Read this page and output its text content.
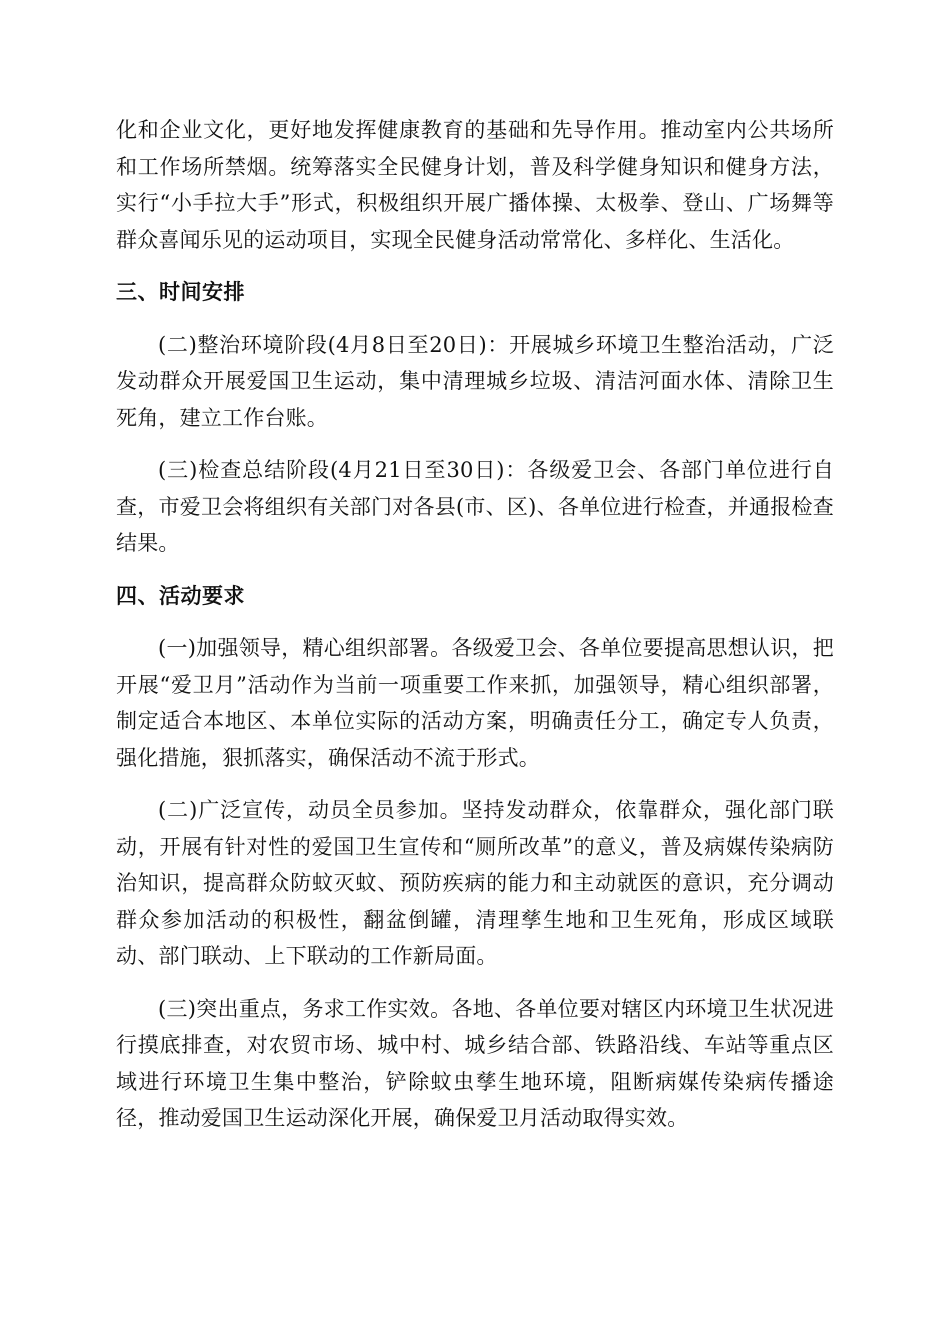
化和企业文化，更好地发挥健康教育的基础和先导作用。推动室内公共场所和工作场所禁烟。统筹落实全民健身计划，普及科学健身知识和健身方法，实行“小手拉大手”形式，积极组织开展广播体操、太极拳、登山、广场舞等群众喜闻乐见的运动项目，实现全民健身活动常常化、多样化、生活化。

三、时间安排

(二)整治环境阶段(4月8日至20日)：开展城乡环境卫生整治活动，广泛发动群众开展爱国卫生运动，集中清理城乡垃圾、清洁河面水体、清除卫生死角，建立工作台账。

(三)检查总结阶段(4月21日至30日)：各级爱卫会、各部门单位进行自查，市爱卫会将组织有关部门对各县(市、区)、各单位进行检查，并通报检查结果。

四、活动要求

(一)加强领导，精心组织部署。各级爱卫会、各单位要提高思想认识，把开展“爱卫月”活动作为当前一项重要工作来抓，加强领导，精心组织部署，制定适合本地区、本单位实际的活动方案，明确责任分工，确定专人负责，强化措施，狠抓落实，确保活动不流于形式。

(二)广泛宣传，动员全员参加。坚持发动群众，依靠群众，强化部门联动，开展有针对性的爱国卫生宣传和“厕所改革”的意义，普及病媒传染病防治知识，提高群众防蚊灭蚊、预防疾病的能力和主动就医的意识，充分调动群众参加活动的积极性，翻盆倒罐，清理孳生地和卫生死角，形成区域联动、部门联动、上下联动的工作新局面。

(三)突出重点，务求工作实效。各地、各单位要对辖区内环境卫生状况进行摸底排查，对农贸市场、城中村、城乡结合部、铁路沿线、车站等重点区域进行环境卫生集中整治，铲除蚊虫孳生地环境，阻断病媒传染病传播途径，推动爱国卫生运动深化开展，确保爱卫月活动取得实效。
